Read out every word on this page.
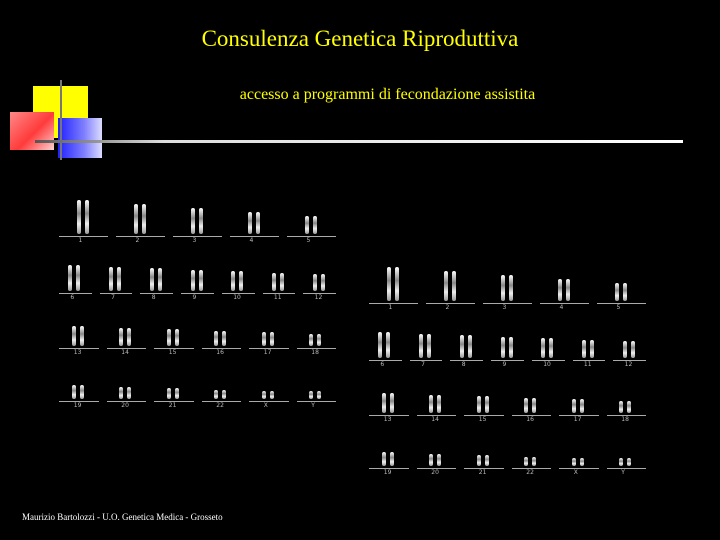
Consulenza Genetica Riproduttiva
accesso a programmi di fecondazione assistita
1	2	3	4	5
6	7	8	9	10	11	12
13	14	15	16	17	18
19	20	21	22	X	Y
1	2	3	4	5
6	7	8	9	10	11	12
13	14	15	16	17	18
19	20	21	22	X	Y
Maurizio Bartolozzi - U.O. Genetica Medica - Grosseto
